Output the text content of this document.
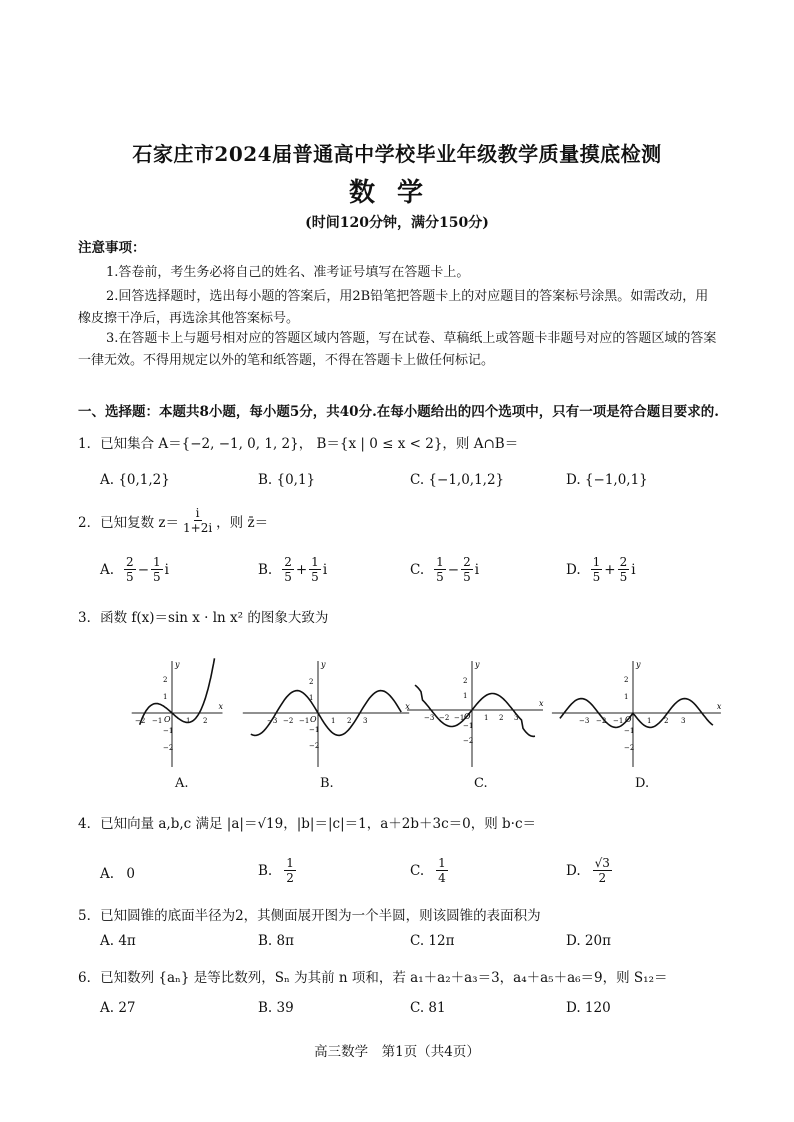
石家庄市2024届普通高中学校毕业年级教学质量摸底检测
数学
(时间120分钟，满分150分)
注意事项：
1.答卷前，考生务必将自己的姓名、准考证号填写在答题卡上。
2.回答选择题时，选出每小题的答案后，用2B铅笔把答题卡上的对应题目的答案标号涂黑。如需改动，用橡皮擦干净后，再选涂其他答案标号。
3.在答题卡上与题号相对应的答题区域内答题，写在试卷、草稿纸上或答题卡非题号对应的答题区域的答案一律无效。不得用规定以外的笔和纸答题，不得在答题卡上做任何标记。
一、选择题：本题共8小题，每小题5分，共40分.在每小题给出的四个选项中，只有一项是符合题目要求的.
1．已知集合 A＝{−2, −1, 0, 1, 2}， B＝{x | 0 ≤ x < 2}，则 A∩B＝
A. {0,1,2}	B. {0,1}	C. {−1,0,1,2}	D. {−1,0,1}
2．已知复数 $z= \frac{i}{1+2i}$ ，则 z̄＝
A. $\frac{2}{5} - \frac{1}{5}$ i	B. $\frac{2}{5} + \frac{1}{5}$ i	C. $\frac{1}{5} - \frac{2}{5}$ i	D. $\frac{1}{5} + \frac{2}{5}$ i
3．函数 f(x)＝sin x · ln x² 的图象大致为
x
y
O
−2 −1	1 2
2
1
−1
−2
x
y
O
−3 −2 −1	1 2 3
2
1
−1
−2
x
y
O
−3 −2 −1	1 2 3
2
1
−1
−2
x
y
O
−3 −2 −1	1 2 3
2
1
−1
−2
A.	B.	C.	D.
4．已知向量 a,b,c 满足 |a|＝√19，|b|＝|c|＝1，a＋2b＋3c＝0，则 b·c＝
A. 0	B. $\frac{1}{2}$	C. $\frac{1}{4}$	D. $\frac{√3}{2}$
5．已知圆锥的底面半径为2，其侧面展开图为一个半圆，则该圆锥的表面积为
A. 4π	B. 8π	C. 12π	D. 20π
6．已知数列 {aₙ} 是等比数列，Sₙ 为其前 n 项和，若 a₁＋a₂＋a₃＝3，a₄＋a₅＋a₆＝9，则 S₁₂＝
A. 27	B. 39	C. 81	D. 120
高三数学　第1页（共4页）
